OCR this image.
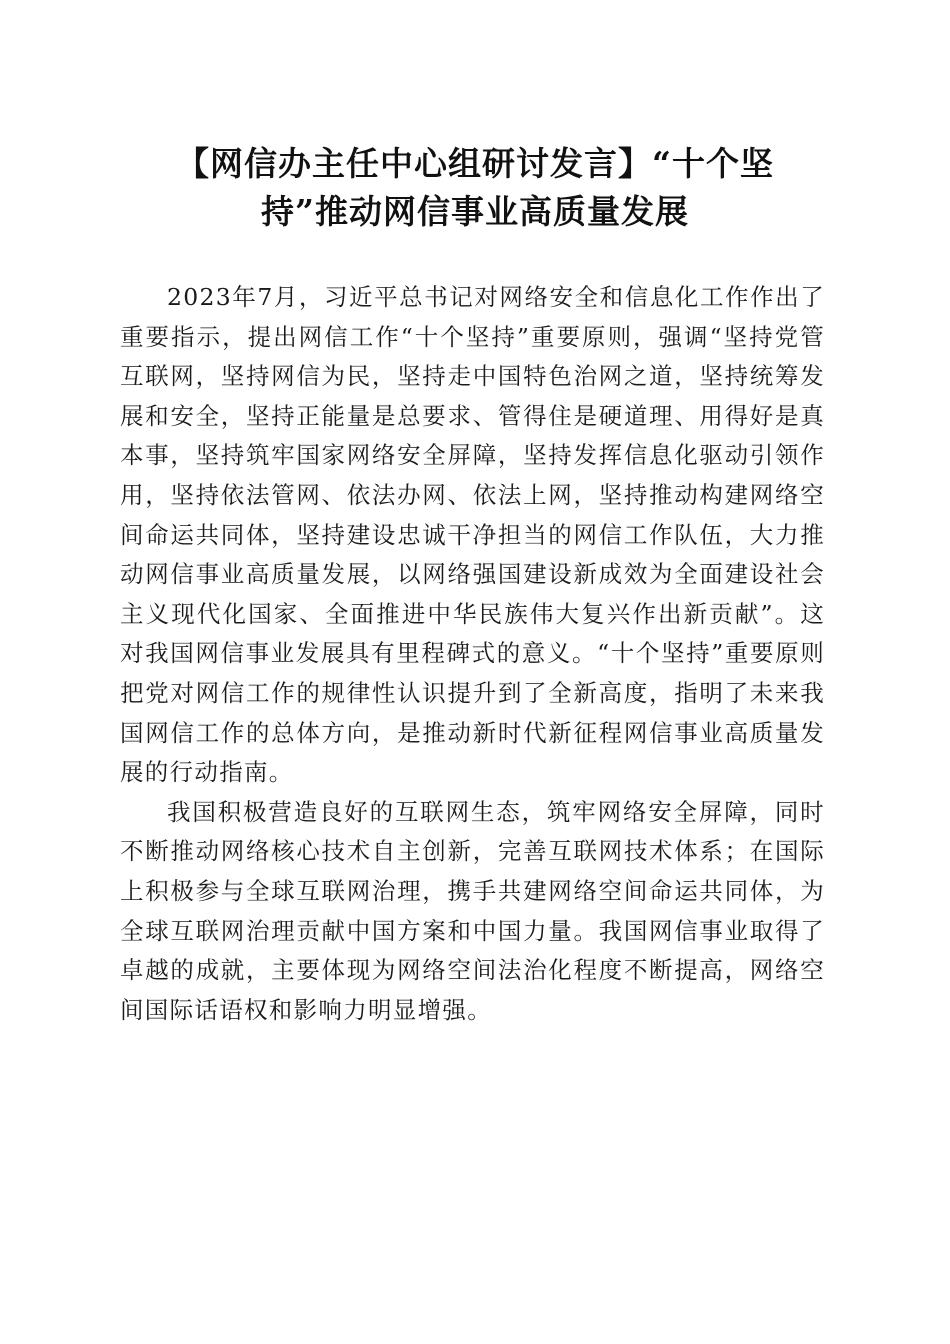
【网信办主任中心组研讨发言】“十个坚
持”推动网信事业高质量发展

2023年7月，习近平总书记对网络安全和信息化工作作出了重要指示，提出网信工作“十个坚持”重要原则，强调“坚持党管互联网，坚持网信为民，坚持走中国特色治网之道，坚持统筹发展和安全，坚持正能量是总要求、管得住是硬道理、用得好是真本事，坚持筑牢国家网络安全屏障，坚持发挥信息化驱动引领作用，坚持依法管网、依法办网、依法上网，坚持推动构建网络空间命运共同体，坚持建设忠诚干净担当的网信工作队伍，大力推动网信事业高质量发展，以网络强国建设新成效为全面建设社会主义现代化国家、全面推进中华民族伟大复兴作出新贡献”。这对我国网信事业发展具有里程碑式的意义。“十个坚持”重要原则把党对网信工作的规律性认识提升到了全新高度，指明了未来我国网信工作的总体方向，是推动新时代新征程网信事业高质量发展的行动指南。

我国积极营造良好的互联网生态，筑牢网络安全屏障，同时不断推动网络核心技术自主创新，完善互联网技术体系；在国际上积极参与全球互联网治理，携手共建网络空间命运共同体，为全球互联网治理贡献中国方案和中国力量。我国网信事业取得了卓越的成就，主要体现为网络空间法治化程度不断提高，网络空间国际话语权和影响力明显增强。
